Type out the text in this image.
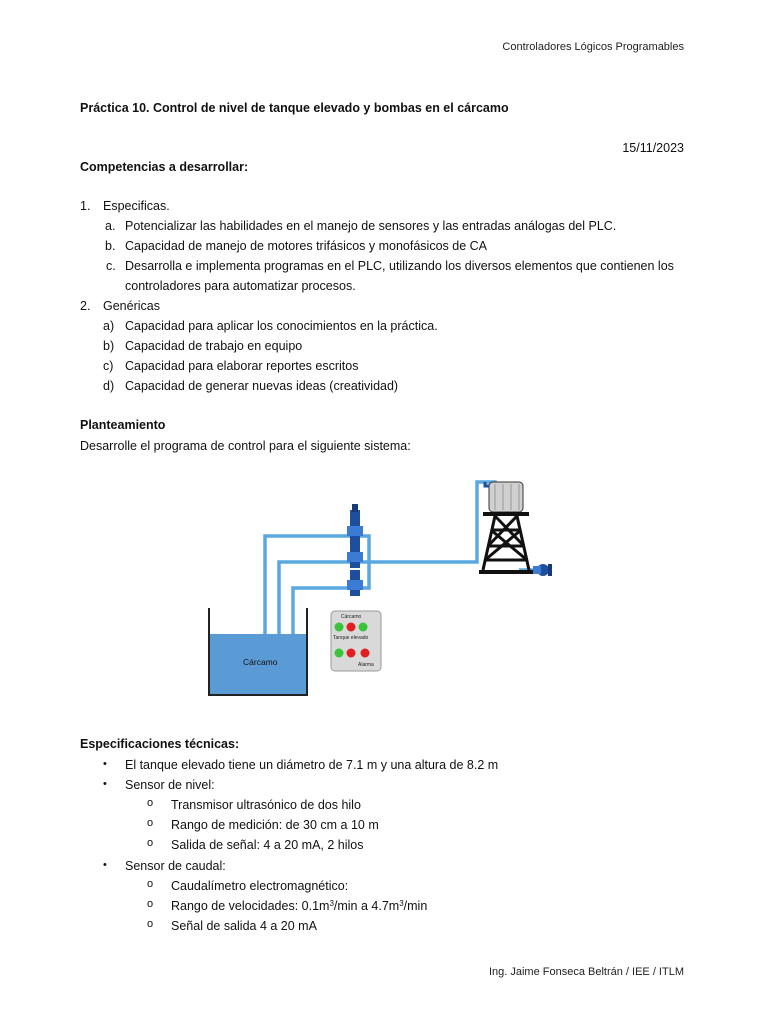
Controladores Lógicos Programables
Ing. Jaime Fonseca Beltrán / IEE / ITLM
Práctica 10. Control de nivel de tanque elevado y bombas en el cárcamo
15/11/2023
Competencias a desarrollar:
1. Especificas.
a. Potencializar las habilidades en el manejo de sensores y las entradas análogas del PLC.
b. Capacidad de manejo de motores trifásicos y monofásicos de CA
c. Desarrolla e implementa programas en el PLC, utilizando los diversos elementos que contienen los
controladores para automatizar procesos.
2. Genéricas
a) Capacidad para aplicar los conocimientos en la práctica.
b) Capacidad de trabajo en equipo
c) Capacidad para elaborar reportes escritos
d) Capacidad de generar nuevas ideas (creatividad)
Planteamiento
Desarrolle el programa de control para el siguiente sistema:
Cárcamo
Cárcamo
Tanque elevado
Alarma
Especificaciones técnicas:
• El tanque elevado tiene un diámetro de 7.1 m y una altura de 8.2 m
• Sensor de nivel:
o Transmisor ultrasónico de dos hilo
o Rango de medición: de 30 cm a 10 m
o Salida de señal: 4 a 20 mA, 2 hilos
• Sensor de caudal:
o Caudalímetro electromagnético:
o Rango de velocidades: $0.1m^3/\min$ a $4.7m^3/\min$
o Señal de salida 4 a 20 mA
